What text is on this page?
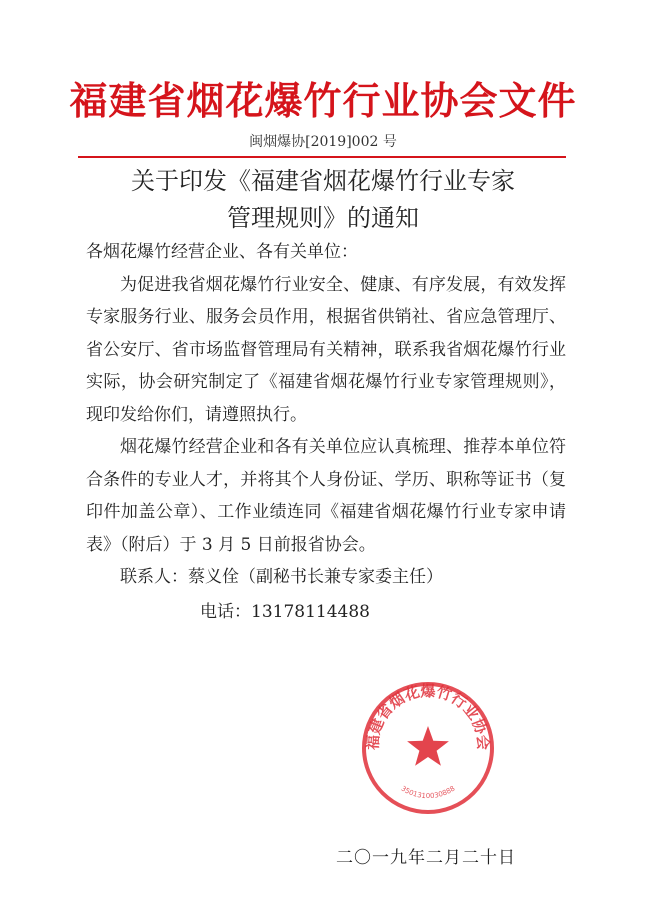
福建省烟花爆竹行业协会文件
闽烟爆协[2019]002 号
关于印发《福建省烟花爆竹行业专家
管理规则》的通知

各烟花爆竹经营企业、各有关单位：

为促进我省烟花爆竹行业安全、健康、有序发展，有效发挥专家服务行业、服务会员作用，根据省供销社、省应急管理厅、省公安厅、省市场监督管理局有关精神，联系我省烟花爆竹行业实际，协会研究制定了《福建省烟花爆竹行业专家管理规则》，现印发给你们，请遵照执行。

烟花爆竹经营企业和各有关单位应认真梳理、推荐本单位符合条件的专业人才，并将其个人身份证、学历、职称等证书（复印件加盖公章）、工作业绩连同《福建省烟花爆竹行业专家申请表》（附后）于 3 月 5 日前报省协会。

联系人：蔡义佺（副秘书长兼专家委主任）

电话：13178114488

福建省烟花爆竹行业协会
3501310030888
二〇一九年二月二十日
